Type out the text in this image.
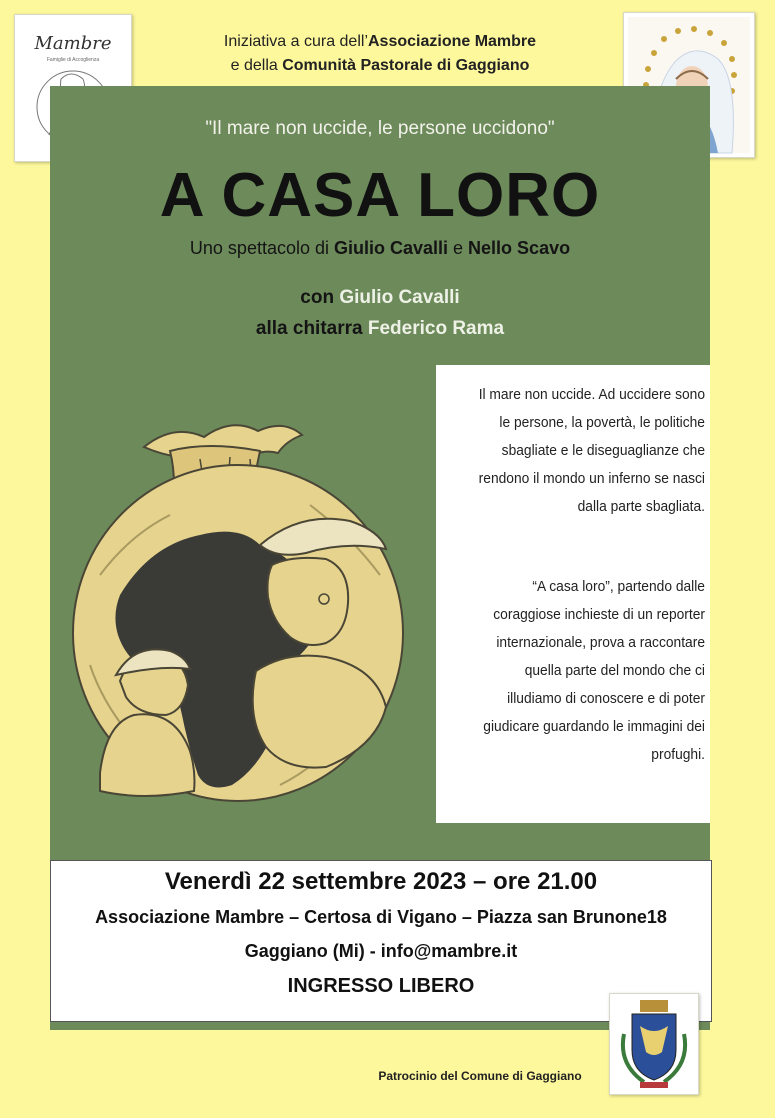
Mambre
Famiglie di Accoglienza
Iniziativa a cura dell’Associazione Mambre
e della Comunità Pastorale di Gaggiano
"Il mare non uccide, le persone uccidono"
A CASA LORO
Uno spettacolo di Giulio Cavalli e Nello Scavo
con Giulio Cavalli
alla chitarra Federico Rama
Il mare non uccide. Ad uccidere sono le persone, la povertà, le politiche sbagliate e le diseguaglianze che rendono il mondo un inferno se nasci dalla parte sbagliata.
“A casa loro”, partendo dalle coraggiose inchieste di un reporter internazionale, prova a raccontare quella parte del mondo che ci illudiamo di conoscere e di poter giudicare guardando le immagini dei profughi.
Venerdì 22 settembre 2023 – ore 21.00
Associazione Mambre – Certosa di Vigano – Piazza san Brunone18
Gaggiano (Mi) - info@mambre.it
INGRESSO LIBERO
Patrocinio del Comune di Gaggiano
